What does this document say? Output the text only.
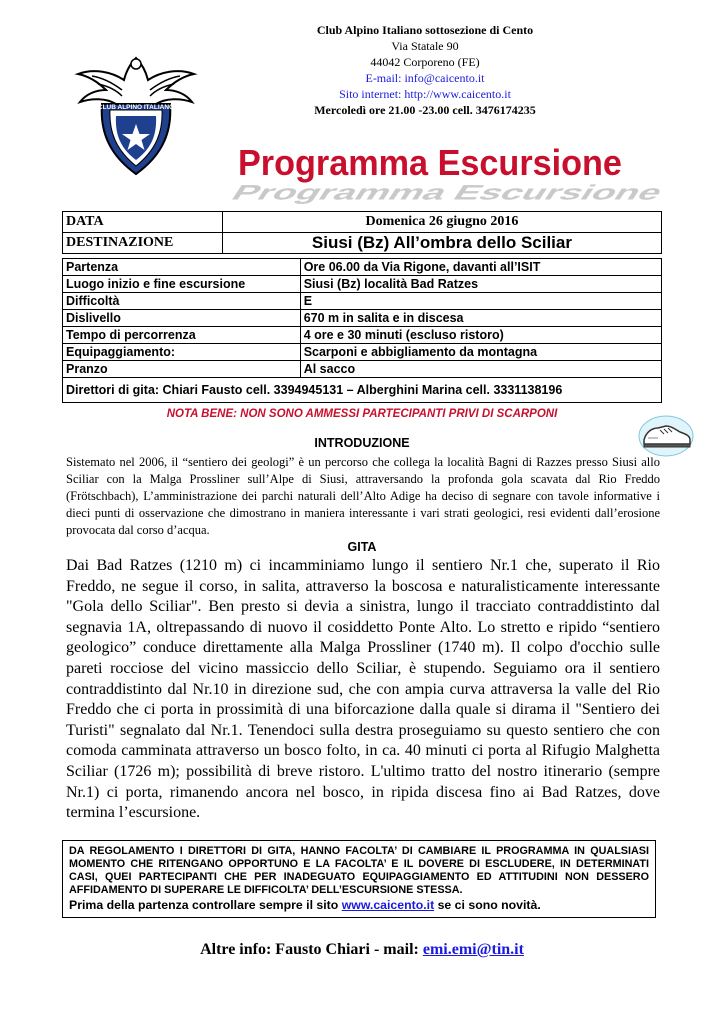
CLUB ALPINO ITALIANO
Club Alpino Italiano sottosezione di Cento
Via Statale 90
44042 Corporeno (FE)
E-mail: info@caicento.it
Sito internet: http://www.caicento.it
Mercoledì ore 21.00 -23.00 cell. 3476174235
Programma Escursione
Programma Escursione
DATA	Domenica 26 giugno 2016
DESTINAZIONE	Siusi (Bz) All’ombra dello Sciliar
Partenza	Ore 06.00 da Via Rigone, davanti all’ISIT
Luogo inizio e fine escursione	Siusi (Bz) località Bad Ratzes
Difficoltà	E
Dislivello	670 m in salita e in discesa
Tempo di percorrenza	4 ore e 30 minuti (escluso ristoro)
Equipaggiamento:	Scarponi e abbigliamento da montagna
Pranzo	Al sacco
Direttori di gita: Chiari Fausto cell. 3394945131 – Alberghini Marina cell. 3331138196	
NOTA BENE: NON SONO AMMESSI PARTECIPANTI PRIVI DI SCARPONI
INTRODUZIONE
Sistemato nel 2006, il “sentiero dei geologi” è un percorso che collega la località Bagni di Razzes presso Siusi allo Sciliar con la Malga Prossliner sull’Alpe di Siusi, attraversando la profonda gola scavata dal Rio Freddo (Frötschbach), L’amministrazione dei parchi naturali dell’Alto Adige ha deciso di segnare con tavole informative i dieci punti di osservazione che dimostrano in maniera interessante i vari strati geologici, resi evidenti dall’erosione provocata dal corso d’acqua.
GITA
Dai Bad Ratzes (1210 m) ci incamminiamo lungo il sentiero Nr.1 che, superato il Rio Freddo, ne segue il corso, in salita, attraverso la boscosa e naturalisticamente interessante "Gola dello Sciliar". Ben presto si devia a sinistra, lungo il tracciato contraddistinto dal segnavia 1A, oltrepassando di nuovo il cosiddetto Ponte Alto. Lo stretto e ripido “sentiero geologico” conduce direttamente alla Malga Prossliner (1740 m). Il colpo d'occhio sulle pareti rocciose del vicino massiccio dello Sciliar, è stupendo. Seguiamo ora il sentiero contraddistinto dal Nr.10 in direzione sud, che con ampia curva attraversa la valle del Rio Freddo che ci porta in prossimità di una biforcazione dalla quale si dirama il "Sentiero dei Turisti" segnalato dal Nr.1. Tenendoci sulla destra proseguiamo su questo sentiero che con comoda camminata attraverso un bosco folto, in ca. 40 minuti ci porta al Rifugio Malghetta Sciliar (1726 m); possibilità di breve ristoro. L'ultimo tratto del nostro itinerario (sempre Nr.1) ci porta, rimanendo ancora nel bosco, in ripida discesa fino ai Bad Ratzes, dove termina l’escursione.
DA REGOLAMENTO I DIRETTORI DI GITA, HANNO FACOLTA’ DI CAMBIARE IL PROGRAMMA IN QUALSIASI MOMENTO CHE RITENGANO OPPORTUNO E LA FACOLTA’ E IL DOVERE DI ESCLUDERE, IN DETERMINATI CASI, QUEI PARTECIPANTI CHE PER INADEGUATO EQUIPAGGIAMENTO ED ATTITUDINI NON DESSERO AFFIDAMENTO DI SUPERARE LE DIFFICOLTA’ DELL’ESCURSIONE STESSA.
Prima della partenza controllare sempre il sito www.caicento.it se ci sono novità.
Altre info: Fausto Chiari - mail: emi.emi@tin.it
